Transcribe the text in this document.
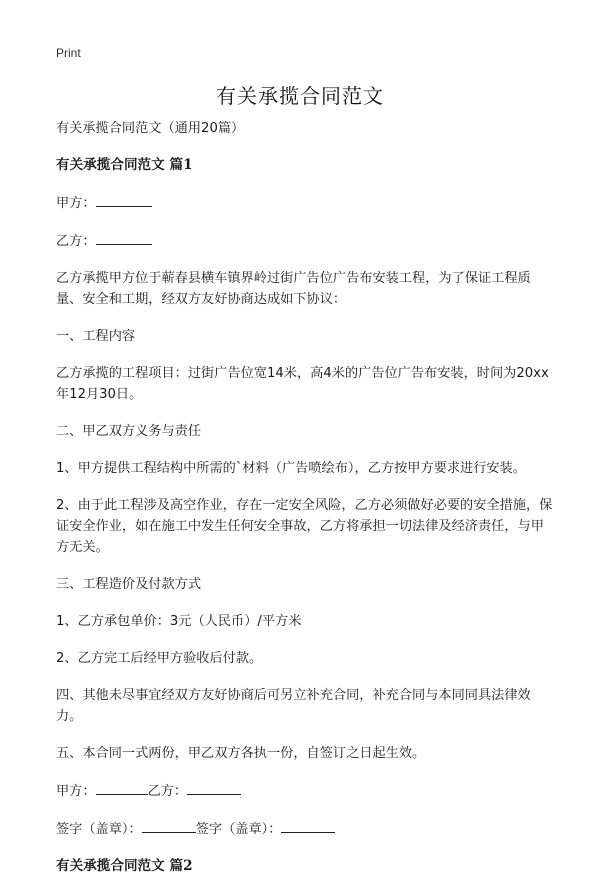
Print
有关承揽合同范文

有关承揽合同范文（通用20篇）

有关承揽合同范文 篇1

甲方：

乙方：

乙方承揽甲方位于蕲春县横车镇界岭过街广告位广告布安装工程，为了保证工程质量、安全和工期，经双方友好协商达成如下协议：

一、工程内容

乙方承揽的工程项目：过街广告位宽14米，高4米的广告位广告布安装，时间为20xx年12月30日。

二、甲乙双方义务与责任

1、甲方提供工程结构中所需的`材料（广告喷绘布），乙方按甲方要求进行安装。

2、由于此工程涉及高空作业，存在一定安全风险，乙方必须做好必要的安全措施，保证安全作业，如在施工中发生任何安全事故，乙方将承担一切法律及经济责任，与甲方无关。

三、工程造价及付款方式

1、乙方承包单价：3元（人民币）/平方米

2、乙方完工后经甲方验收后付款。

四、其他未尽事宜经双方友好协商后可另立补充合同，补充合同与本同同具法律效力。

五、本合同一式两份，甲乙双方各执一份，自签订之日起生效。

甲方：	乙方：

签字（盖章）：	签字（盖章）：

有关承揽合同范文 篇2
